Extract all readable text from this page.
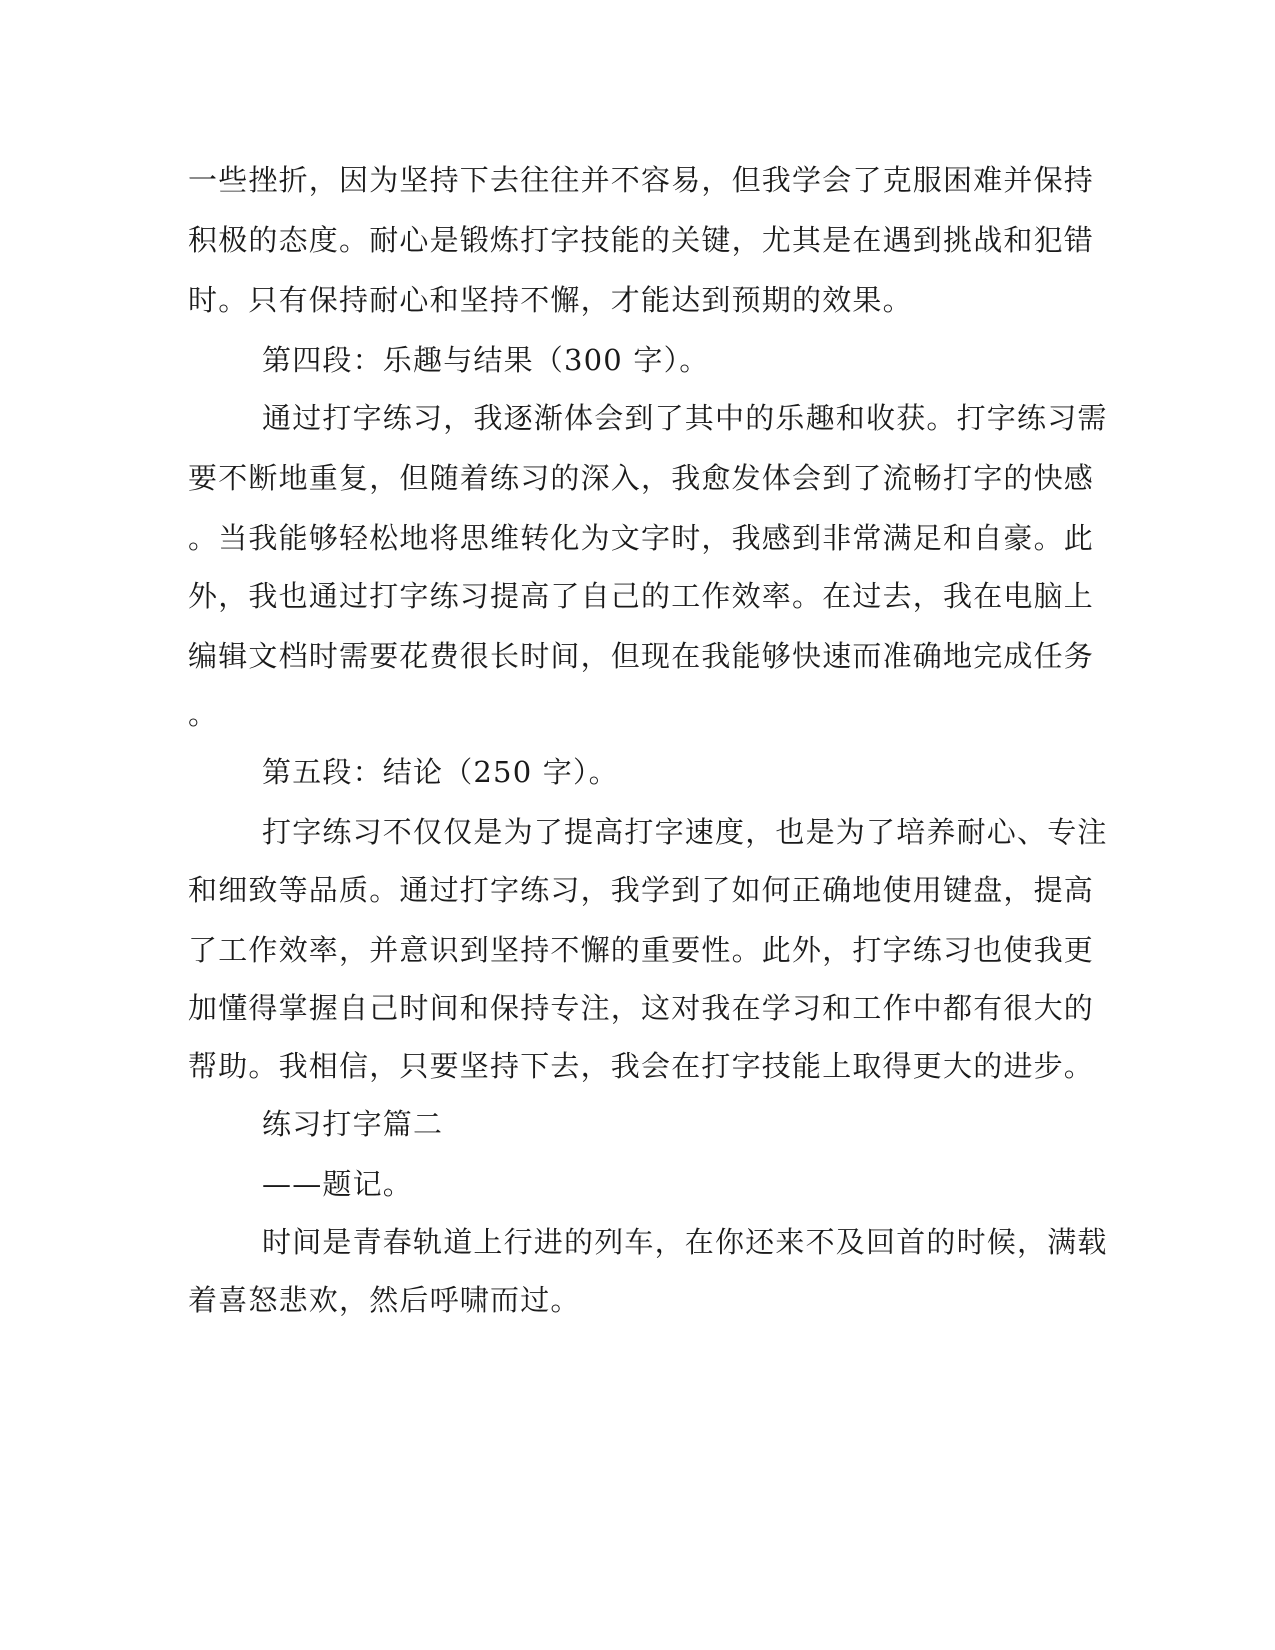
一些挫折，因为坚持下去往往并不容易，但我学会了克服困难并保持

积极的态度。耐心是锻炼打字技能的关键，尤其是在遇到挑战和犯错

时。只有保持耐心和坚持不懈，才能达到预期的效果。

第四段：乐趣与结果（300 字）。

通过打字练习，我逐渐体会到了其中的乐趣和收获。打字练习需

要不断地重复，但随着练习的深入，我愈发体会到了流畅打字的快感

。当我能够轻松地将思维转化为文字时，我感到非常满足和自豪。此

外，我也通过打字练习提高了自己的工作效率。在过去，我在电脑上

编辑文档时需要花费很长时间，但现在我能够快速而准确地完成任务

。

第五段：结论（250 字）。

打字练习不仅仅是为了提高打字速度，也是为了培养耐心、专注

和细致等品质。通过打字练习，我学到了如何正确地使用键盘，提高

了工作效率，并意识到坚持不懈的重要性。此外，打字练习也使我更

加懂得掌握自己时间和保持专注，这对我在学习和工作中都有很大的

帮助。我相信，只要坚持下去，我会在打字技能上取得更大的进步。

练习打字篇二

——题记。

时间是青春轨道上行进的列车，在你还来不及回首的时候，满载

着喜怒悲欢，然后呼啸而过。
